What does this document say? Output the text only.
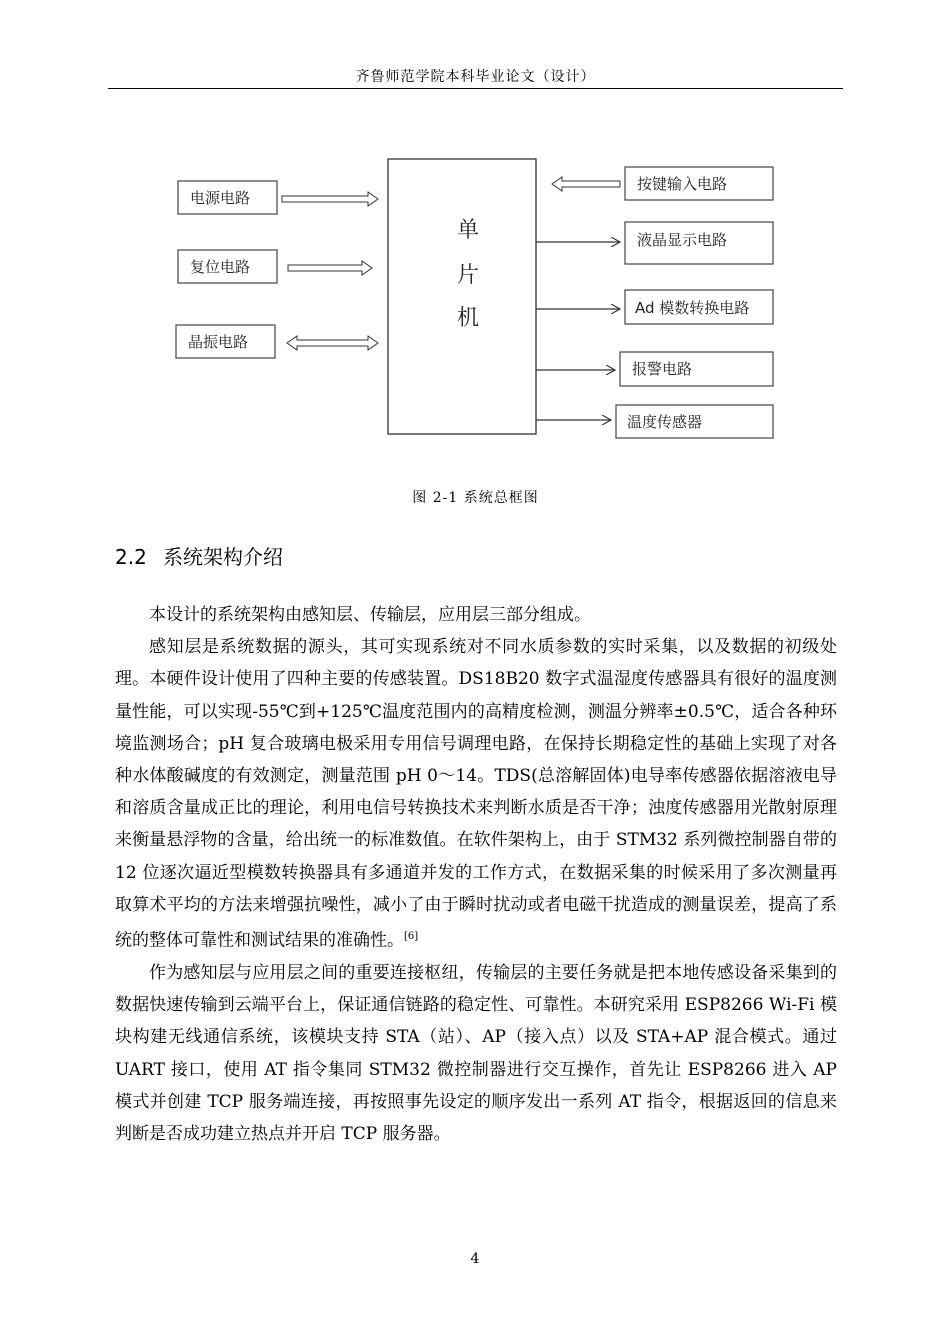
齐鲁师范学院本科毕业论文（设计）
单
片
机
电源电路
复位电路
晶振电路
按键输入电路
液晶显示电路
Ad 模数转换电路
报警电路
温度传感器
图 2-1 系统总框图
2.2 系统架构介绍

本设计的系统架构由感知层、传输层，应用层三部分组成。

感知层是系统数据的源头，其可实现系统对不同水质参数的实时采集，以及数据的初级处理。本硬件设计使用了四种主要的传感装置。DS18B20 数字式温湿度传感器具有很好的温度测量性能，可以实现-55℃到+125℃温度范围内的高精度检测，测温分辨率±0.5℃，适合各种环境监测场合；pH 复合玻璃电极采用专用信号调理电路，在保持长期稳定性的基础上实现了对各种水体酸碱度的有效测定，测量范围 pH 0～14。TDS(总溶解固体)电导率传感器依据溶液电导和溶质含量成正比的理论，利用电信号转换技术来判断水质是否干净；浊度传感器用光散射原理来衡量悬浮物的含量，给出统一的标准数值。在软件架构上，由于 STM32 系列微控制器自带的 12 位逐次逼近型模数转换器具有多通道并发的工作方式，在数据采集的时候采用了多次测量再取算术平均的方法来增强抗噪性，减小了由于瞬时扰动或者电磁干扰造成的测量误差，提高了系统的整体可靠性和测试结果的准确性。[6]

作为感知层与应用层之间的重要连接枢纽，传输层的主要任务就是把本地传感设备采集到的数据快速传输到云端平台上，保证通信链路的稳定性、可靠性。本研究采用 ESP8266 Wi-Fi 模块构建无线通信系统，该模块支持 STA（站）、AP（接入点）以及 STA+AP 混合模式。通过 UART 接口，使用 AT 指令集同 STM32 微控制器进行交互操作，首先让 ESP8266 进入 AP 模式并创建 TCP 服务端连接，再按照事先设定的顺序发出一系列 AT 指令，根据返回的信息来判断是否成功建立热点并开启 TCP 服务器。

4
